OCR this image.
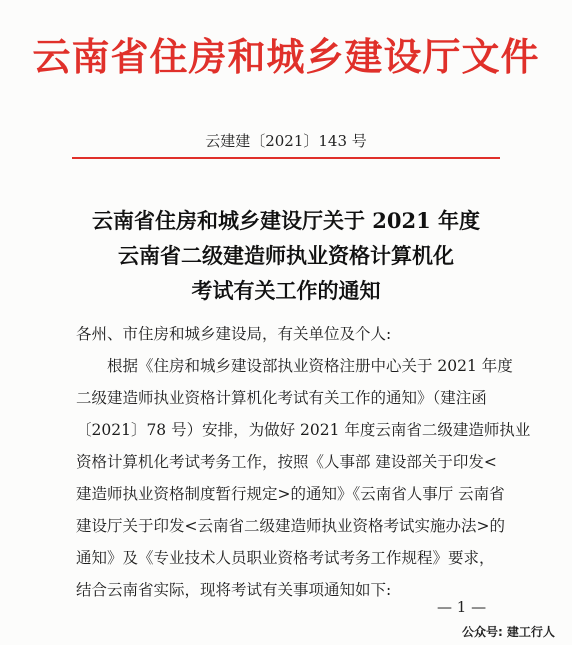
云南省住房和城乡建设厅文件
云建建〔2021〕143 号
云南省住房和城乡建设厅关于 2021 年度
云南省二级建造师执业资格计算机化
考试有关工作的通知
各州、市住房和城乡建设局，有关单位及个人:
　　根据《住房和城乡建设部执业资格注册中心关于 2021 年度
二级建造师执业资格计算机化考试有关工作的通知》（建注函
〔2021〕78 号）安排，为做好 2021 年度云南省二级建造师执业
资格计算机化考试考务工作，按照《人事部 建设部关于印发<
建造师执业资格制度暂行规定>的通知》《云南省人事厅 云南省
建设厅关于印发<云南省二级建造师执业资格考试实施办法>的
通知》及《专业技术人员职业资格考试考务工作规程》要求，
结合云南省实际，现将考试有关事项通知如下:
— 1 —
公众号: 建工行人
